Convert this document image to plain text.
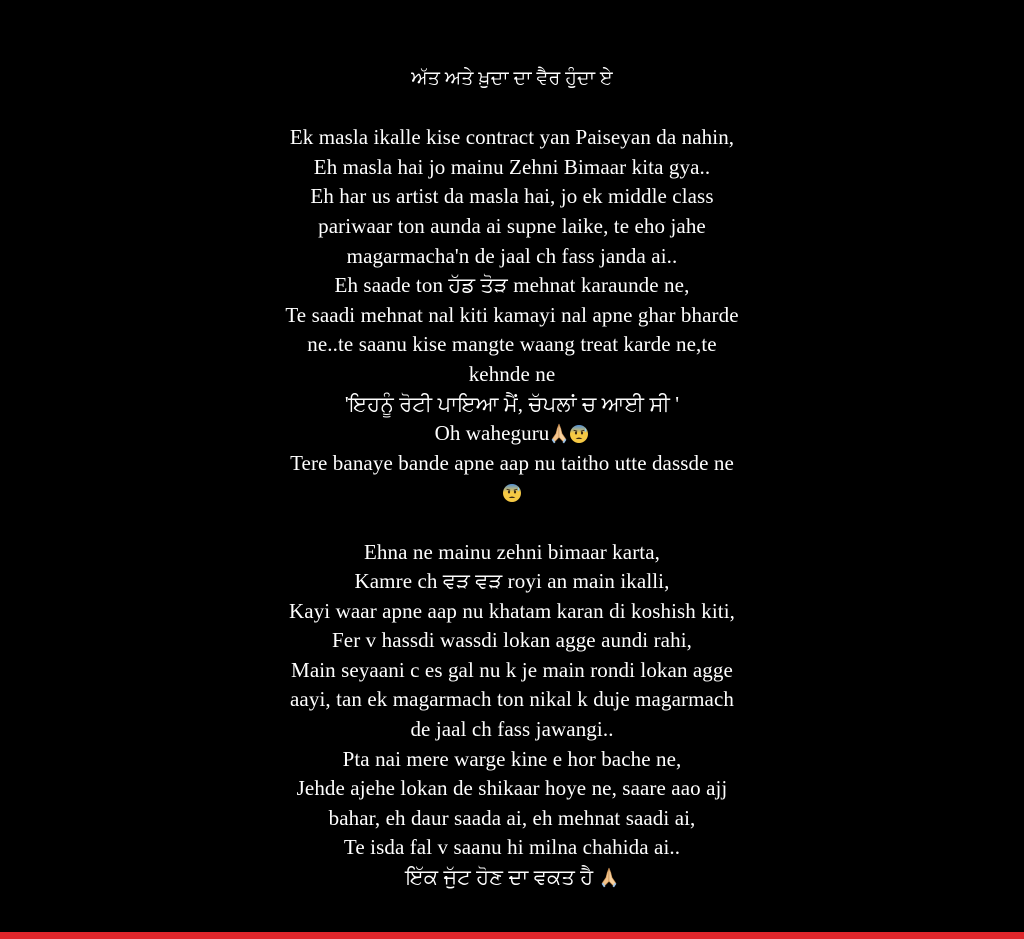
ਅੱਤ ਅਤੇ ਖ਼ੁਦਾ ਦਾ ਵੈਰ ਹੁੰਦਾ ਏ
Ek masla ikalle kise contract yan Paiseyan da nahin,
Eh masla hai jo mainu Zehni Bimaar kita gya..
Eh har us artist da masla hai, jo ek middle class
pariwaar ton aunda ai supne laike, te eho jahe
magarmacha'n de jaal ch fass janda ai..
Eh saade ton ਹੱਡ ਤੋੜ mehnat karaunde ne,
Te saadi mehnat nal kiti kamayi nal apne ghar bharde
ne..te saanu kise mangte waang treat karde ne,te
kehnde ne
'ਇਹਨੂੰ ਰੋਟੀ ਪਾਇਆ ਮੈਂ, ਚੱਪਲਾਂ ਚ ਆਈ ਸੀ '
Oh waheguru
Tere banaye bande apne aap nu taitho utte dassde ne
Ehna ne mainu zehni bimaar karta,
Kamre ch ਵੜ ਵੜ royi an main ikalli,
Kayi waar apne aap nu khatam karan di koshish kiti,
Fer v hassdi wassdi lokan agge aundi rahi,
Main seyaani c es gal nu k je main rondi lokan agge
aayi, tan ek magarmach ton nikal k duje magarmach
de jaal ch fass jawangi..
Pta nai mere warge kine e hor bache ne,
Jehde ajehe lokan de shikaar hoye ne, saare aao ajj
bahar, eh daur saada ai, eh mehnat saadi ai,
Te isda fal v saanu hi milna chahida ai..
ਇੱਕ ਜੁੱਟ ਹੋਣ ਦਾ ਵਕਤ ਹੈ
